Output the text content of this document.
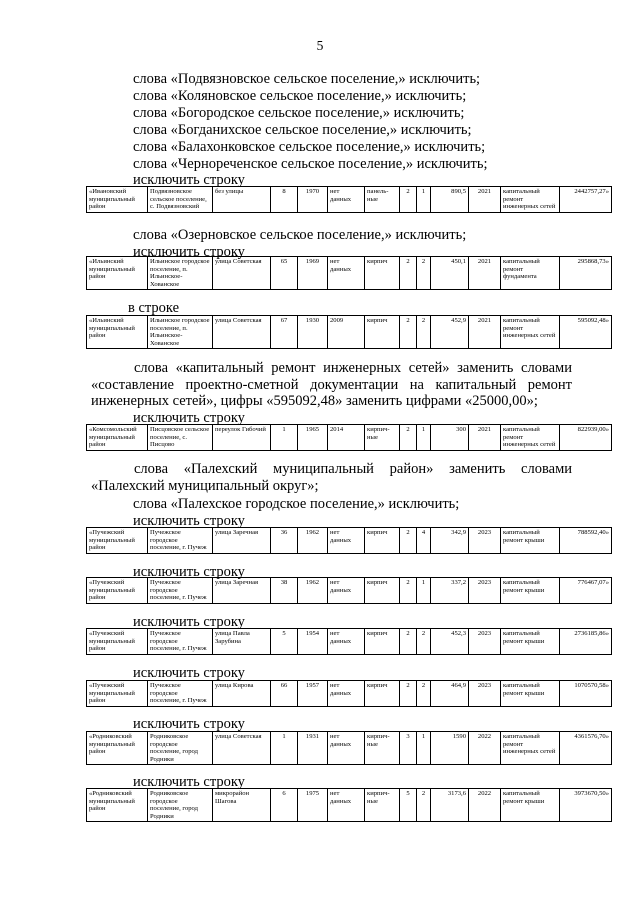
5
слова «Подвязновское сельское поселение,» исключить;
слова «Коляновское сельское поселение,» исключить;
слова «Богородское сельское поселение,» исключить;
слова «Богданихское сельское поселение,» исключить;
слова «Балахонковское сельское поселение,» исключить;
слова «Чернореченское сельское поселение,» исключить;
исключить строку
«Ивановский муниципальный район	Подвязновское сельское поселение, с. Подвязновский	без улицы	8	1970	нет данных	панель-ные	2	1	890,5	2021	капитальный ремонт инженерных сетей	2442757,27»
слова «Озерновское сельское поселение,» исключить;
исключить строку
«Ильинский муниципальный район	Ильинское городское поселение, п. Ильинское-Хованское	улица Советская	65	1969	нет данных	кирпич	2	2	450,1	2021	капитальный ремонт фундамента	295868,73»
в строке
«Ильинский муниципальный район	Ильинское городское поселение, п. Ильинское-Хованское	улица Советская	67	1930	2009	кирпич	2	2	452,9	2021	капитальный ремонт инженерных сетей	595092,48»
слова «капитальный ремонт инженерных сетей» заменить словами
«составление проектно-сметной документации на капитальный ремонт
инженерных сетей», цифры «595092,48» заменить цифрами «25000,00»;
исключить строку
«Комсомольский муниципальный район	Писцовское сельское поселение, с. Писцово	переулок Гибочий	1	1965	2014	кирпич-ные	2	1	300	2021	капитальный ремонт инженерных сетей	822939,00»
слова «Палехский муниципальный район» заменить словами
«Палехский муниципальный округ»;
слова «Палехское городское поселение,» исключить;
исключить строку
«Пучежский муниципальный район	Пучежское городское поселение, г. Пучеж	улица Заречная	36	1962	нет данных	кирпич	2	4	342,9	2023	капитальный ремонт крыши	788592,40»
исключить строку
«Пучежский муниципальный район	Пучежское городское поселение, г. Пучеж	улица Заречная	38	1962	нет данных	кирпич	2	1	337,2	2023	капитальный ремонт крыши	776467,07»
исключить строку
«Пучежский муниципальный район	Пучежское городское поселение, г. Пучеж	улица Павла Зарубина	5	1954	нет данных	кирпич	2	2	452,3	2023	капитальный ремонт крыши	2736185,86»
исключить строку
«Пучежский муниципальный район	Пучежское городское поселение, г. Пучеж	улица Кирова	66	1957	нет данных	кирпич	2	2	464,9	2023	капитальный ремонт крыши	1070570,58»
исключить строку
«Родниковский муниципальный район	Родниковское городское поселение, город Родники	улица Советская	1	1931	нет данных	кирпич-ные	3	1	1590	2022	капитальный ремонт инженерных сетей	4361576,70»
исключить строку
«Родниковский муниципальный район	Родниковское городское поселение, город Родники	микрорайон Шагова	6	1975	нет данных	кирпич-ные	5	2	3173,6	2022	капитальный ремонт крыши	3973670,50»
